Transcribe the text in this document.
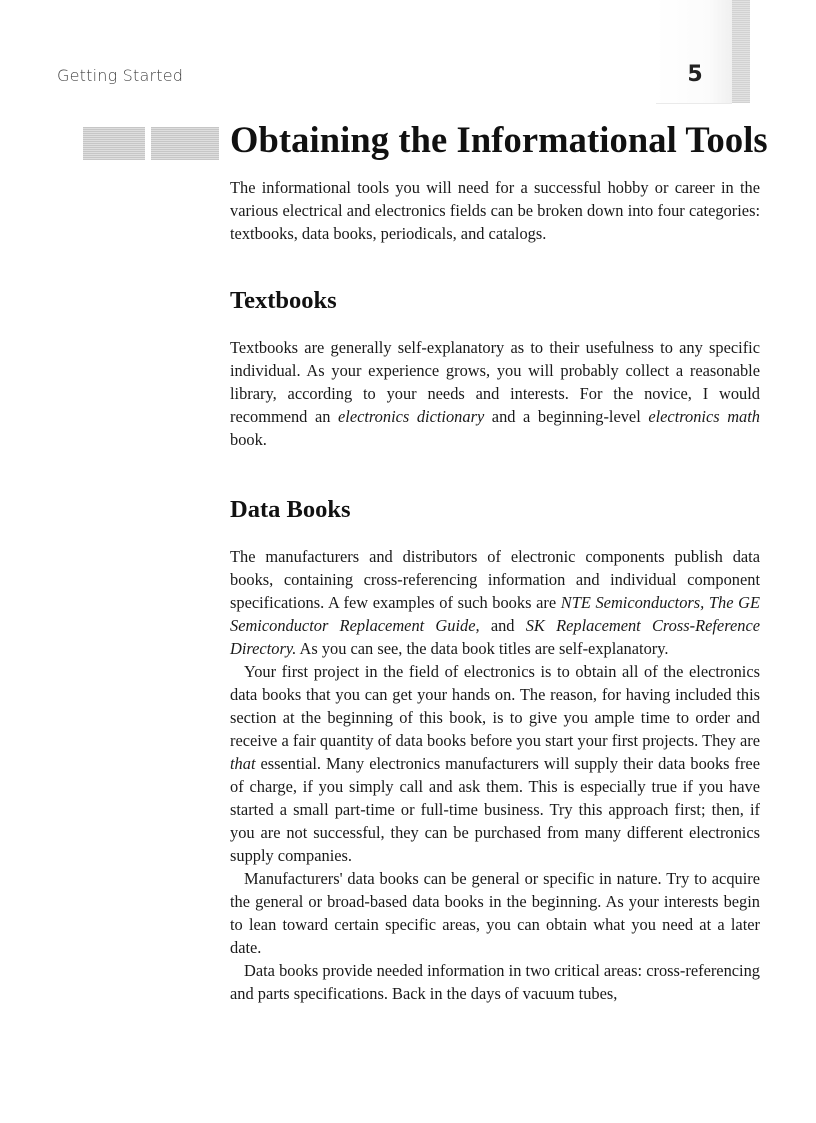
Getting Started	5
Obtaining the Informational Tools

The informational tools you will need for a successful hobby or career in the various electrical and electronics fields can be broken down into four categories: textbooks, data books, periodicals, and catalogs.

Textbooks

Textbooks are generally self-explanatory as to their usefulness to any specific individual. As your experience grows, you will probably collect a reasonable library, according to your needs and interests. For the novice, I would recommend an electronics dictionary and a beginning-level electronics math book.

Data Books

The manufacturers and distributors of electronic components publish data books, containing cross-referencing information and individual component specifications. A few examples of such books are NTE Semiconductors, The GE Semiconductor Replacement Guide, and SK Replacement Cross-Reference Directory. As you can see, the data book titles are self-explanatory.

Your first project in the field of electronics is to obtain all of the electronics data books that you can get your hands on. The reason, for having included this section at the beginning of this book, is to give you ample time to order and receive a fair quantity of data books before you start your first projects. They are that essential. Many electronics manufacturers will supply their data books free of charge, if you simply call and ask them. This is especially true if you have started a small part-time or full-time business. Try this approach first; then, if you are not successful, they can be purchased from many different electronics supply companies.

Manufacturers' data books can be general or specific in nature. Try to acquire the general or broad-based data books in the beginning. As your interests begin to lean toward certain specific areas, you can obtain what you need at a later date.

Data books provide needed information in two critical areas: cross-referencing and parts specifications. Back in the days of vacuum tubes,
